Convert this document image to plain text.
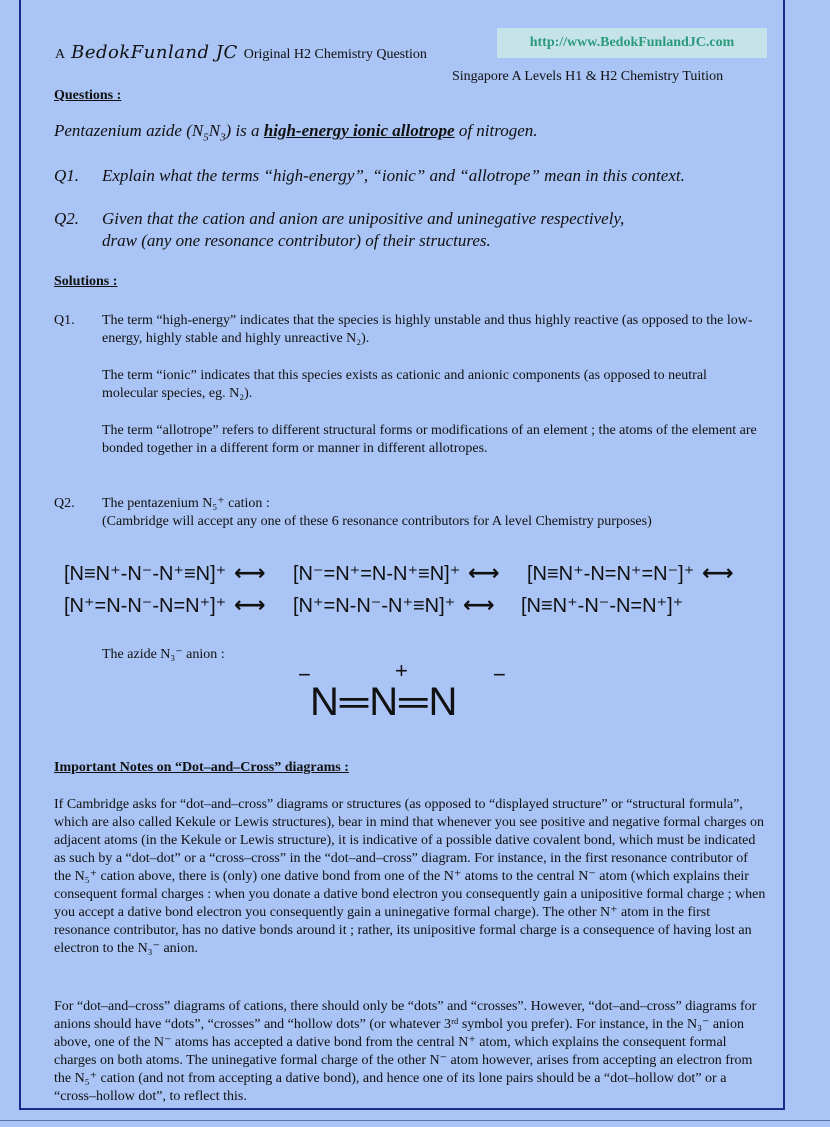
A BedokFunland JC Original H2 Chemistry Question
http://www.BedokFunlandJC.com
Singapore A Levels H1 & H2 Chemistry Tuition
Questions :
Pentazenium azide $(N_5N_3)$ is a high-energy ionic allotrope of nitrogen.
Q1. Explain what the terms “high-energy”, “ionic” and “allotrope” mean in this context.
Q2. Given that the cation and anion are unipositive and uninegative respectively,
draw (any one resonance contributor) of their structures.
Solutions :
Q1. The term “high-energy” indicates that the species is highly unstable and thus highly reactive (as opposed to the low-energy, highly stable and highly unreactive N₂).
The term “ionic” indicates that this species exists as cationic and anionic components (as opposed to neutral molecular species, eg. N₂).
The term “allotrope” refers to different structural forms or modifications of an element ; the atoms of the element are bonded together in a different form or manner in different allotropes.
Q2. The pentazenium N₅⁺ cation :
(Cambridge will accept any one of these 6 resonance contributors for A level Chemistry purposes)
[N≡N⁺-N⁻-N⁺≡N]⁺ ⟷ [N⁻=N⁺=N-N⁺≡N]⁺ ⟷ [N≡N⁺-N=N⁺=N⁻]⁺ ⟷
[N⁺=N-N⁻-N=N⁺]⁺ ⟷ [N⁺=N-N⁻-N⁺≡N]⁺ ⟷ [N≡N⁺-N⁻-N=N⁺]⁺
The azide N₃⁻ anion :
−	+	−
N═N═N
Important Notes on “Dot–and–Cross” diagrams :
If Cambridge asks for “dot–and–cross” diagrams or structures (as opposed to “displayed structure” or “structural formula”, which are also called Kekule or Lewis structures), bear in mind that whenever you see positive and negative formal charges on adjacent atoms (in the Kekule or Lewis structure), it is indicative of a possible dative covalent bond, which must be indicated as such by a “dot–dot” or a “cross–cross” in the “dot–and–cross” diagram. For instance, in the first resonance contributor of the N₅⁺ cation above, there is (only) one dative bond from one of the N⁺ atoms to the central N⁻ atom (which explains their consequent formal charges : when you donate a dative bond electron you consequently gain a unipositive formal charge ; when you accept a dative bond electron you consequently gain a uninegative formal charge). The other N⁺ atom in the first resonance contributor, has no dative bonds around it ; rather, its unipositive formal charge is a consequence of having lost an electron to the N₃⁻ anion.
For “dot–and–cross” diagrams of cations, there should only be “dots” and “crosses”. However, “dot–and–cross” diagrams for anions should have “dots”, “crosses” and “hollow dots” (or whatever 3ʳᵈ symbol you prefer). For instance, in the N₃⁻ anion above, one of the N⁻ atoms has accepted a dative bond from the central N⁺ atom, which explains the consequent formal charges on both atoms. The uninegative formal charge of the other N⁻ atom however, arises from accepting an electron from the N₅⁺ cation (and not from accepting a dative bond), and hence one of its lone pairs should be a “dot–hollow dot” or a “cross–hollow dot”, to reflect this.
